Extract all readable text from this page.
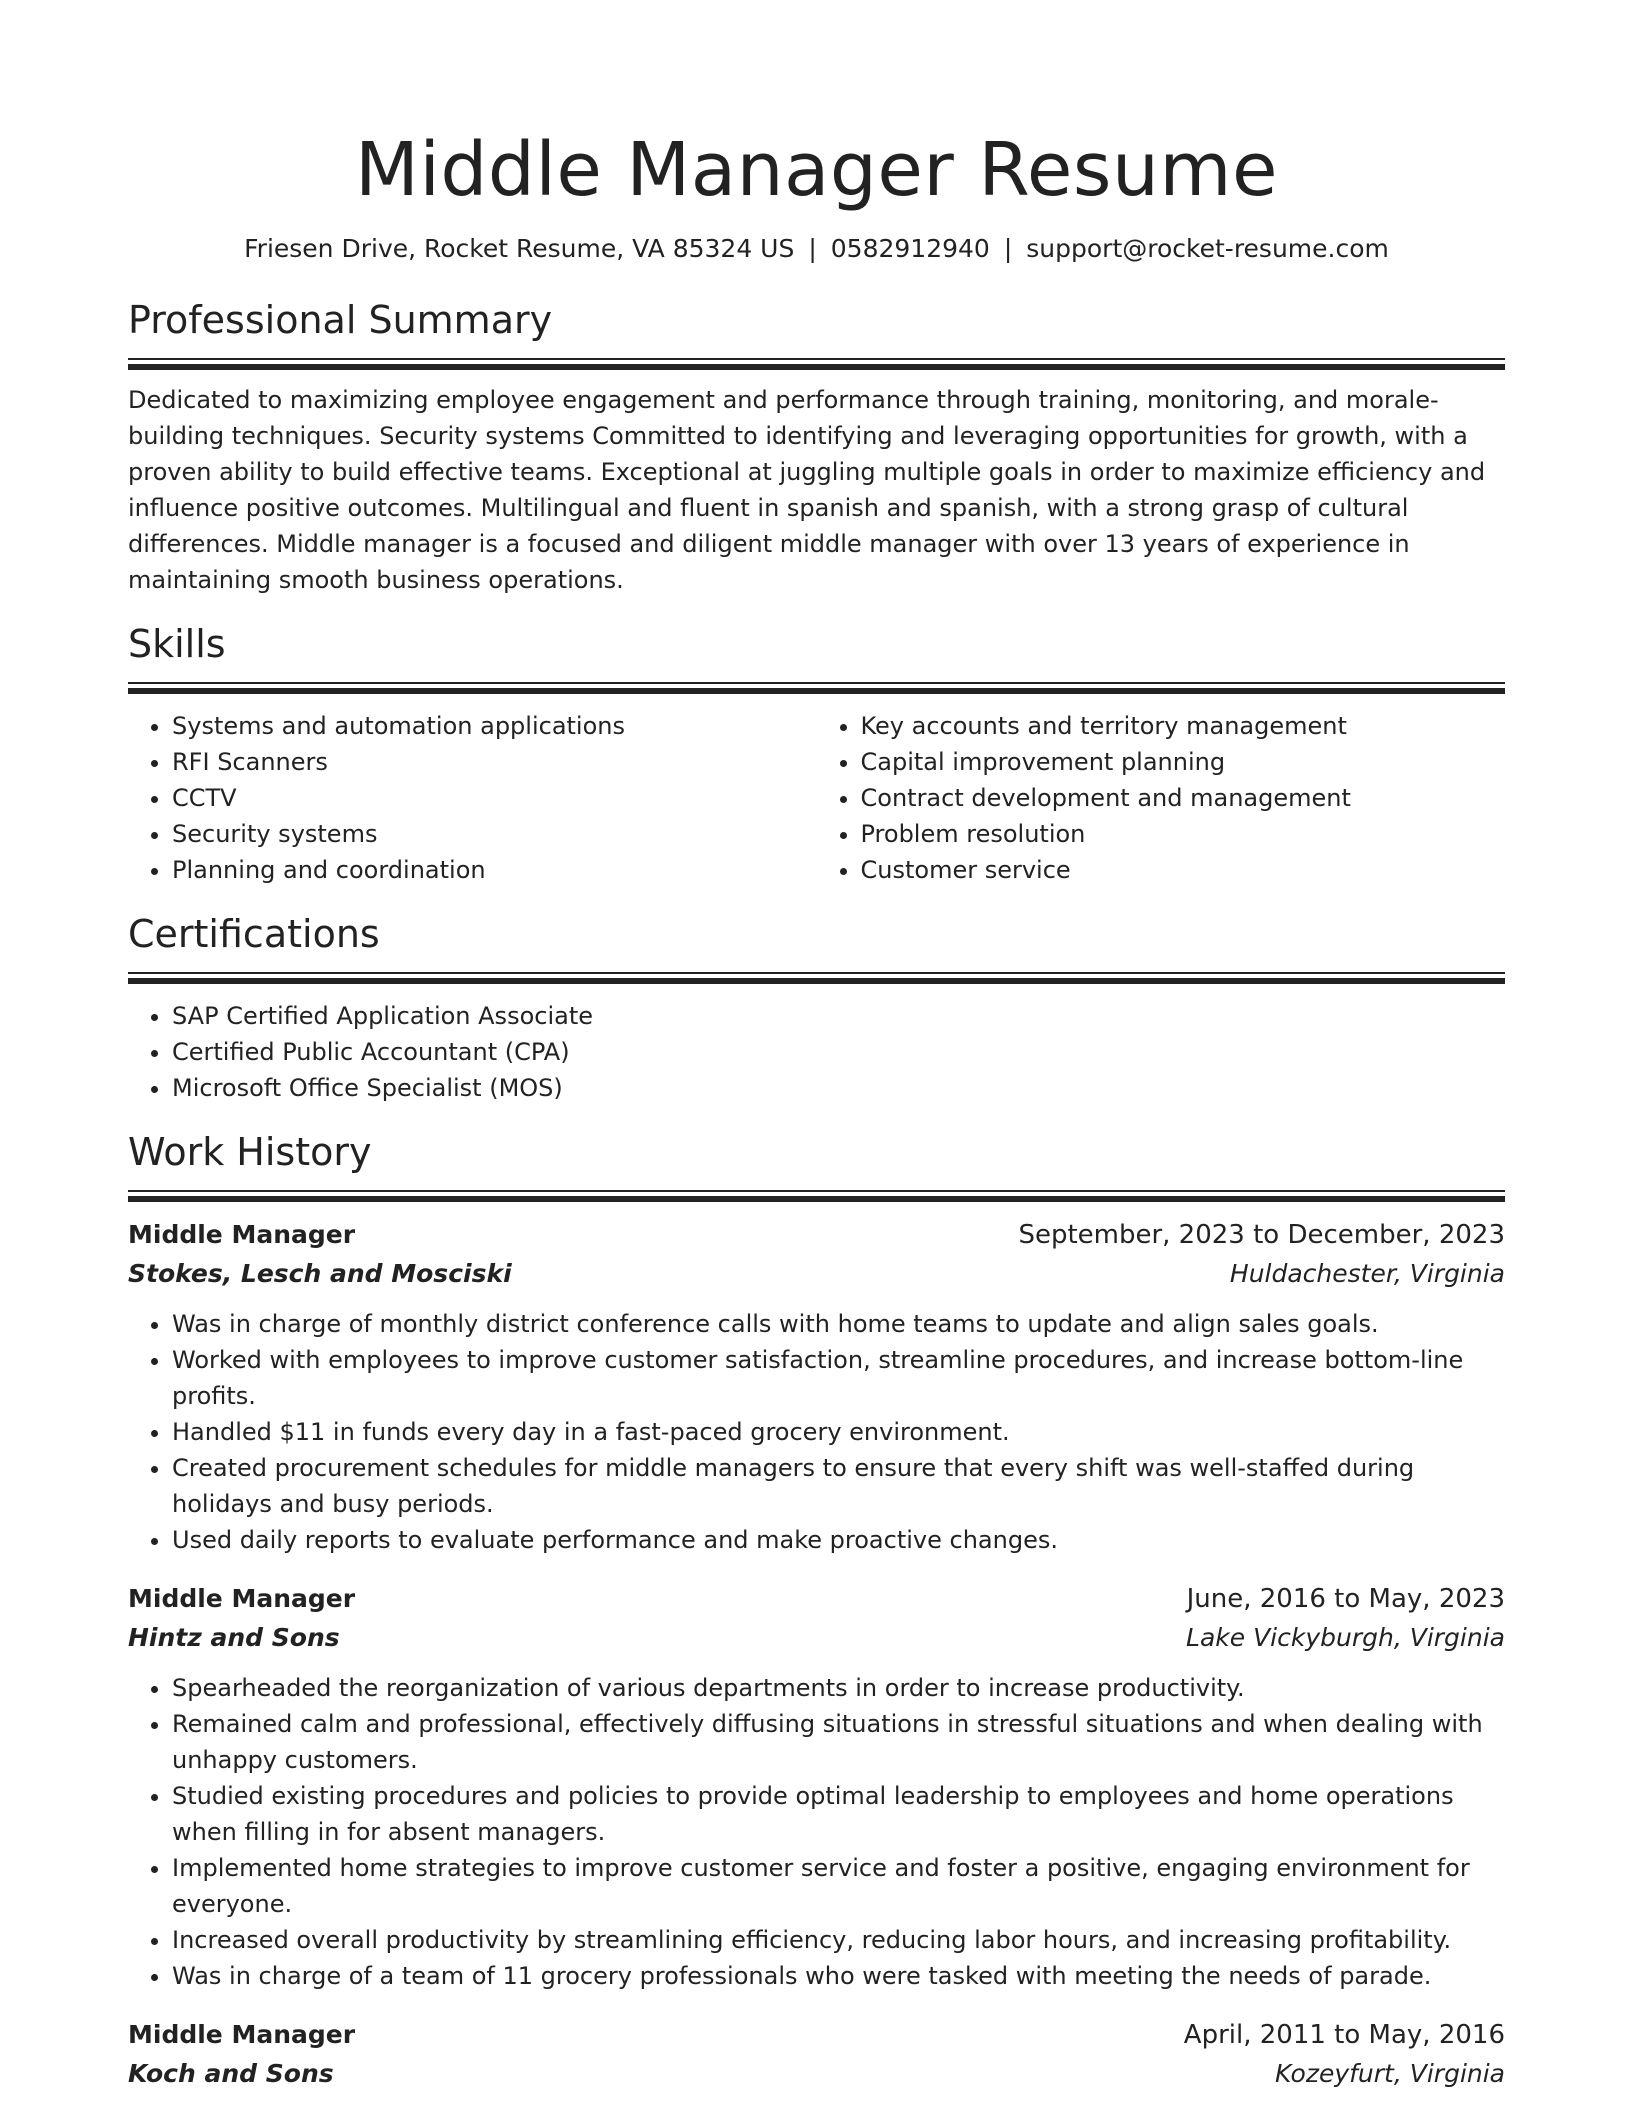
Middle Manager Resume
Friesen Drive, Rocket Resume, VA 85324 US | 0582912940 | support@rocket-resume.com
Professional Summary
Dedicated to maximizing employee engagement and performance through training, monitoring, and morale-building techniques. Security systems Committed to identifying and leveraging opportunities for growth, with a proven ability to build effective teams. Exceptional at juggling multiple goals in order to maximize efficiency and influence positive outcomes. Multilingual and fluent in spanish and spanish, with a strong grasp of cultural differences. Middle manager is a focused and diligent middle manager with over 13 years of experience in maintaining smooth business operations.
Skills
• Systems and automation applications
• RFI Scanners
• CCTV
• Security systems
• Planning and coordination
• Key accounts and territory management
• Capital improvement planning
• Contract development and management
• Problem resolution
• Customer service
Certifications
• SAP Certified Application Associate
• Certified Public Accountant (CPA)
• Microsoft Office Specialist (MOS)
Work History
Middle Manager	September, 2023 to December, 2023
Stokes, Lesch and Mosciski	Huldachester, Virginia
• Was in charge of monthly district conference calls with home teams to update and align sales goals.
• Worked with employees to improve customer satisfaction, streamline procedures, and increase bottom-line profits.
• Handled $11 in funds every day in a fast-paced grocery environment.
• Created procurement schedules for middle managers to ensure that every shift was well-staffed during holidays and busy periods.
• Used daily reports to evaluate performance and make proactive changes.
Middle Manager	June, 2016 to May, 2023
Hintz and Sons	Lake Vickyburgh, Virginia
• Spearheaded the reorganization of various departments in order to increase productivity.
• Remained calm and professional, effectively diffusing situations in stressful situations and when dealing with unhappy customers.
• Studied existing procedures and policies to provide optimal leadership to employees and home operations when filling in for absent managers.
• Implemented home strategies to improve customer service and foster a positive, engaging environment for everyone.
• Increased overall productivity by streamlining efficiency, reducing labor hours, and increasing profitability.
• Was in charge of a team of 11 grocery professionals who were tasked with meeting the needs of parade.
Middle Manager	April, 2011 to May, 2016
Koch and Sons	Kozeyfurt, Virginia
